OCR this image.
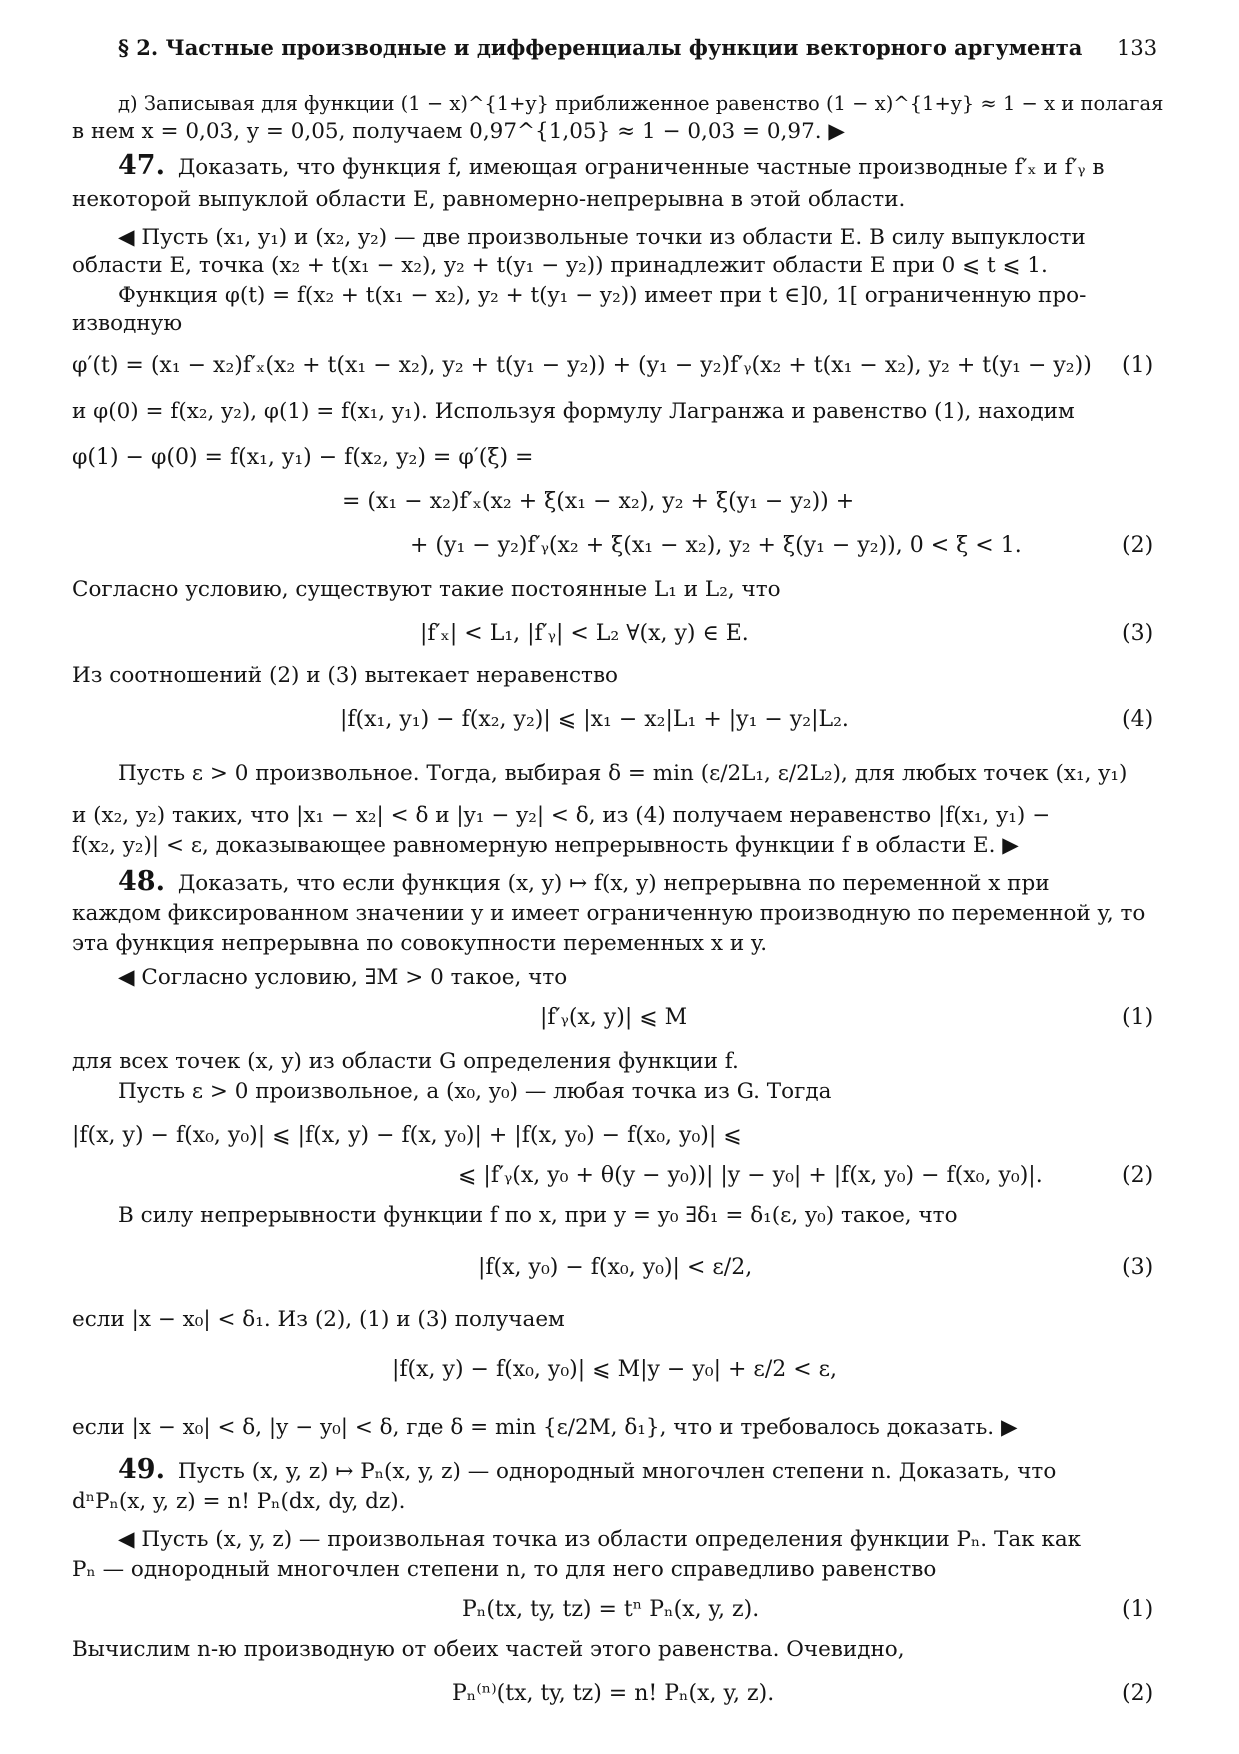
§ 2. Частные производные и дифференциалы функции векторного аргумента 133
д) Записывая для функции (1 − x)^{1+y} приближенное равенство (1 − x)^{1+y} ≈ 1 − x и полагая
в нем x = 0,03, y = 0,05, получаем 0,97^{1,05} ≈ 1 − 0,03 = 0,97. ▶
47. Доказать, что функция f, имеющая ограниченные частные производные f′ₓ и f′ᵧ в
некоторой выпуклой области E, равномерно-непрерывна в этой области.
◀ Пусть (x₁, y₁) и (x₂, y₂) — две произвольные точки из области E. В силу выпуклости
области E, точка (x₂ + t(x₁ − x₂), y₂ + t(y₁ − y₂)) принадлежит области E при 0 ⩽ t ⩽ 1.
Функция φ(t) = f(x₂ + t(x₁ − x₂), y₂ + t(y₁ − y₂)) имеет при t ∈]0, 1[ ограниченную про-
изводную
φ′(t) = (x₁ − x₂)f′ₓ(x₂ + t(x₁ − x₂), y₂ + t(y₁ − y₂)) + (y₁ − y₂)f′ᵧ(x₂ + t(x₁ − x₂), y₂ + t(y₁ − y₂)) (1)
и φ(0) = f(x₂, y₂), φ(1) = f(x₁, y₁). Используя формулу Лагранжа и равенство (1), находим
φ(1) − φ(0) = f(x₁, y₁) − f(x₂, y₂) = φ′(ξ) =
= (x₁ − x₂)f′ₓ(x₂ + ξ(x₁ − x₂), y₂ + ξ(y₁ − y₂)) +
+ (y₁ − y₂)f′ᵧ(x₂ + ξ(x₁ − x₂), y₂ + ξ(y₁ − y₂)), 0 < ξ < 1.	(2)
Согласно условию, существуют такие постоянные L₁ и L₂, что
|f′ₓ| < L₁, |f′ᵧ| < L₂ ∀(x, y) ∈ E.	(3)
Из соотношений (2) и (3) вытекает неравенство
|f(x₁, y₁) − f(x₂, y₂)| ⩽ |x₁ − x₂|L₁ + |y₁ − y₂|L₂.	(4)
Пусть ε > 0 произвольное. Тогда, выбирая δ = min (ε/2L₁, ε/2L₂), для любых точек (x₁, y₁)
и (x₂, y₂) таких, что |x₁ − x₂| < δ и |y₁ − y₂| < δ, из (4) получаем неравенство |f(x₁, y₁) −
f(x₂, y₂)| < ε, доказывающее равномерную непрерывность функции f в области E. ▶
48. Доказать, что если функция (x, y) ↦ f(x, y) непрерывна по переменной x при
каждом фиксированном значении y и имеет ограниченную производную по переменной y, то
эта функция непрерывна по совокупности переменных x и y.
◀ Согласно условию, ∃M > 0 такое, что
|f′ᵧ(x, y)| ⩽ M	(1)
для всех точек (x, y) из области G определения функции f.
Пусть ε > 0 произвольное, а (x₀, y₀) — любая точка из G. Тогда
|f(x, y) − f(x₀, y₀)| ⩽ |f(x, y) − f(x, y₀)| + |f(x, y₀) − f(x₀, y₀)| ⩽
⩽ |f′ᵧ(x, y₀ + θ(y − y₀))| |y − y₀| + |f(x, y₀) − f(x₀, y₀)|.	(2)
В силу непрерывности функции f по x, при y = y₀ ∃δ₁ = δ₁(ε, y₀) такое, что
|f(x, y₀) − f(x₀, y₀)| < ε/2,	(3)
если |x − x₀| < δ₁. Из (2), (1) и (3) получаем
|f(x, y) − f(x₀, y₀)| ⩽ M|y − y₀| + ε/2 < ε,
если |x − x₀| < δ, |y − y₀| < δ, где δ = min {ε/2M, δ₁}, что и требовалось доказать. ▶
49. Пусть (x, y, z) ↦ Pₙ(x, y, z) — однородный многочлен степени n. Доказать, что
dⁿPₙ(x, y, z) = n! Pₙ(dx, dy, dz).
◀ Пусть (x, y, z) — произвольная точка из области определения функции Pₙ. Так как
Pₙ — однородный многочлен степени n, то для него справедливо равенство
Pₙ(tx, ty, tz) = tⁿ Pₙ(x, y, z).	(1)
Вычислим n-ю производную от обеих частей этого равенства. Очевидно,
Pₙ⁽ⁿ⁾(tx, ty, tz) = n! Pₙ(x, y, z).	(2)
